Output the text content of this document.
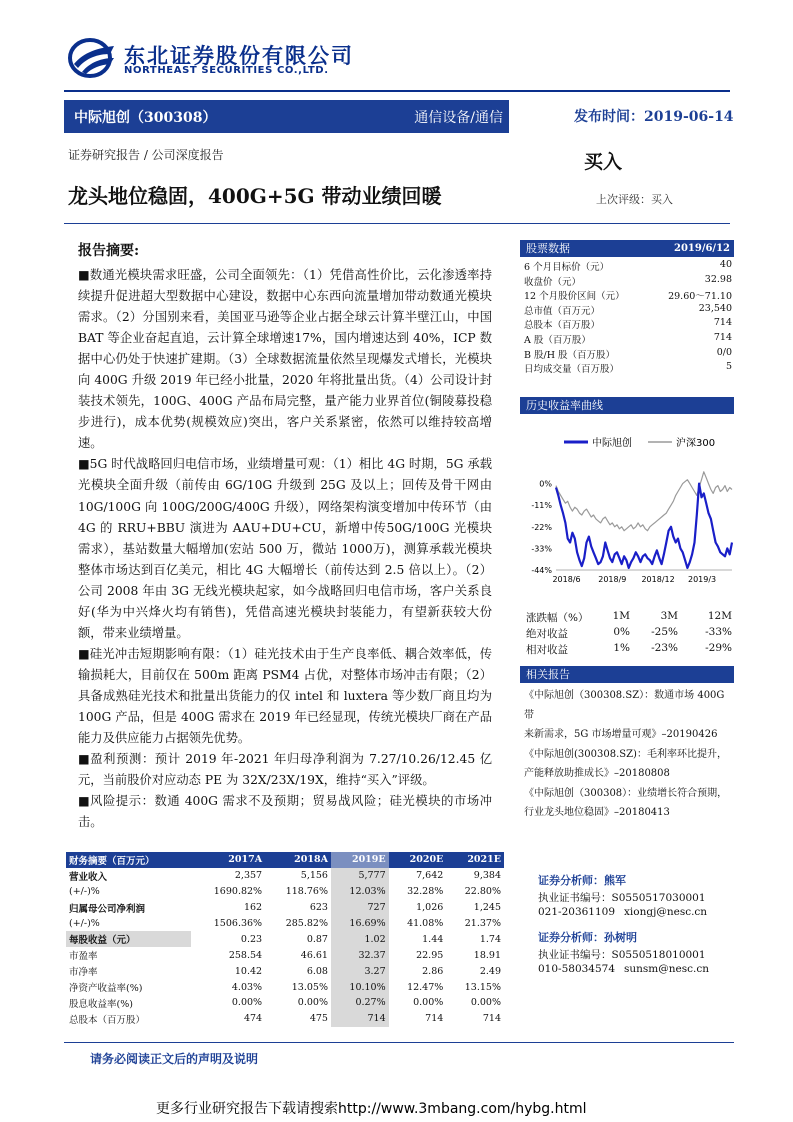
东北证券股份有限公司
NORTHEAST SECURITIES CO.,LTD.
中际旭创（300308）	通信设备/通信	发布时间：2019-06-14
证券研究报告 / 公司深度报告	买入
龙头地位稳固，400G+5G 带动业绩回暖	上次评级：买入
报告摘要:

■数通光模块需求旺盛，公司全面领先：（1）凭借高性价比，云化渗透率持续提升促进超大型数据中心建设，数据中心东西向流量增加带动数通光模块需求。（2）分国别来看，美国亚马逊等企业占据全球云计算半壁江山，中国 BAT 等企业奋起直追，云计算全球增速17%，国内增速达到 40%，ICP 数据中心仍处于快速扩建期。（3）全球数据流量依然呈现爆发式增长，光模块向 400G 升级 2019 年已经小批量，2020 年将批量出货。（4）公司设计封装技术领先，100G、400G 产品布局完整，量产能力业界首位(铜陵募投稳步进行)，成本优势(规模效应)突出，客户关系紧密，依然可以维持较高增速。

■5G 时代战略回归电信市场，业绩增量可观：（1）相比 4G 时期，5G 承载光模块全面升级（前传由 6G/10G 升级到 25G 及以上；回传及骨干网由 10G/100G 向 100G/200G/400G 升级），网络架构演变增加中传环节（由 4G 的 RRU+BBU 演进为 AAU+DU+CU，新增中传50G/100G 光模块需求），基站数量大幅增加(宏站 500 万，微站 1000万)，测算承载光模块整体市场达到百亿美元，相比 4G 大幅增长（前传达到 2.5 倍以上）。（2）公司 2008 年由 3G 无线光模块起家，如今战略回归电信市场，客户关系良好(华为中兴烽火均有销售)，凭借高速光模块封装能力，有望新获较大份额，带来业绩增量。

■硅光冲击短期影响有限：（1）硅光技术由于生产良率低、耦合效率低，传输损耗大，目前仅在 500m 距离 PSM4 占优，对整体市场冲击有限；（2）具备成熟硅光技术和批量出货能力的仅 intel 和 luxtera 等少数厂商且均为 100G 产品，但是 400G 需求在 2019 年已经显现，传统光模块厂商在产品能力及供应能力占据领先优势。

■盈利预测：预计 2019 年-2021 年归母净利润为 7.27/10.26/12.45 亿元，当前股价对应动态 PE 为 32X/23X/19X，维持“买入”评级。

■风险提示：数通 400G 需求不及预期；贸易战风险；硅光模块的市场冲击。

股票数据	2019/6/12
6 个月目标价（元）	40
收盘价（元）	32.98
12 个月股价区间（元）	29.60～71.10
总市值（百万元）	23,540
总股本（百万股）	714
A 股（百万股）	714
B 股/H 股（百万股）	0/0
日均成交量（百万股）	5
历史收益率曲线
中际旭创	沪深300
0%
-11%
-22%
-33%
-44%
2018/6 2018/9 2018/12 2019/3
涨跌幅（%） 1M	3M	12M
绝对收益	0% -25%	-33%
相对收益	1% -23%	-29%
相关报告
《中际旭创（300308.SZ）：数通市场 400G 带
来新需求，5G 市场增量可观》–20190426
《中际旭创(300308.SZ)：毛利率环比提升，
产能释放助推成长》–20180808
《中际旭创（300308）：业绩增长符合预期，
行业龙头地位稳固》–20180413
财务摘要（百万元）	2017A	2018A	2019E	2020E	2021E
营业收入	2,357	5,156	5,777	7,642	9,384
(+/-)%	1690.82%	118.76%	12.03%	32.28%	22.80%
归属母公司净利润	162	623	727	1,026	1,245
(+/-)%	1506.36%	285.82%	16.69%	41.08%	21.37%
每股收益（元）	0.23	0.87	1.02	1.44	1.74
市盈率	258.54	46.61	32.37	22.95	18.91
市净率	10.42	6.08	3.27	2.86	2.49
净资产收益率(%)	4.03%	13.05%	10.10%	12.47%	13.15%
股息收益率(%)	0.00%	0.00%	0.27%	0.00%	0.00%
总股本（百万股）	474	475	714	714	714
证券分析师：熊军
执业证书编号：S0550517030001
021-20361109 xiongj@nesc.cn
证券分析师：孙树明
执业证书编号：S0550518010001
010-58034574 sunsm@nesc.cn
请务必阅读正文后的声明及说明
更多行业研究报告下载请搜索http://www.3mbang.com/hybg.html
